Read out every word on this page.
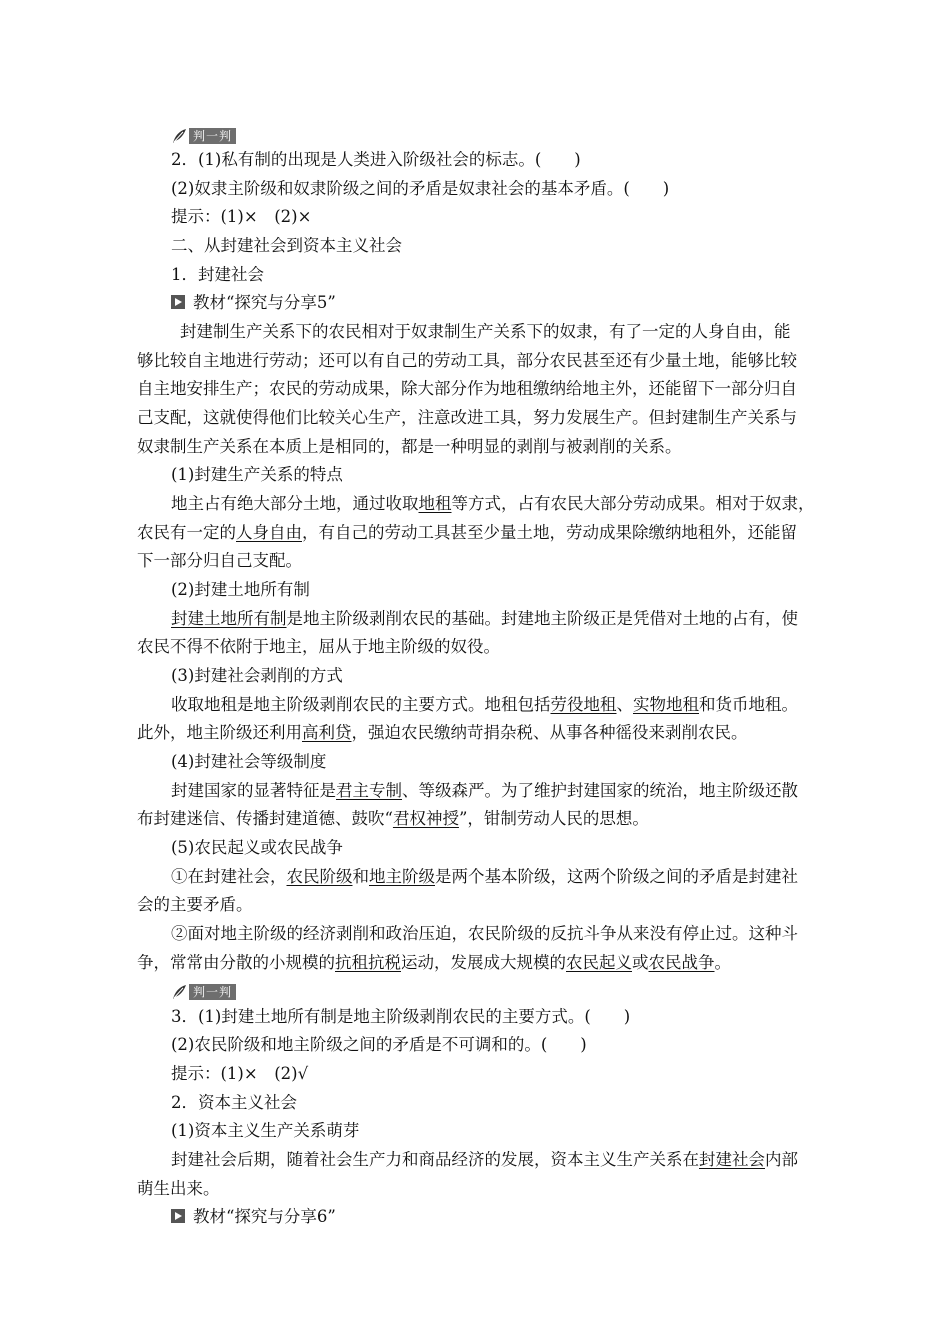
判一判
2．(1)私有制的出现是人类进入阶级社会的标志。(　　)
(2)奴隶主阶级和奴隶阶级之间的矛盾是奴隶社会的基本矛盾。(　　)
提示：(1)×　(2)×
二、从封建社会到资本主义社会
1．封建社会
教材“探究与分享5”
封建制生产关系下的农民相对于奴隶制生产关系下的奴隶，有了一定的人身自由，能
够比较自主地进行劳动；还可以有自己的劳动工具，部分农民甚至还有少量土地，能够比较
自主地安排生产；农民的劳动成果，除大部分作为地租缴纳给地主外，还能留下一部分归自
己支配，这就使得他们比较关心生产，注意改进工具，努力发展生产。但封建制生产关系与
奴隶制生产关系在本质上是相同的，都是一种明显的剥削与被剥削的关系。
(1)封建生产关系的特点
地主占有绝大部分土地，通过收取地租等方式，占有农民大部分劳动成果。相对于奴隶，
农民有一定的人身自由，有自己的劳动工具甚至少量土地，劳动成果除缴纳地租外，还能留
下一部分归自己支配。
(2)封建土地所有制
封建土地所有制是地主阶级剥削农民的基础。封建地主阶级正是凭借对土地的占有，使
农民不得不依附于地主，屈从于地主阶级的奴役。
(3)封建社会剥削的方式
收取地租是地主阶级剥削农民的主要方式。地租包括劳役地租、实物地租和货币地租。
此外，地主阶级还利用高利贷，强迫农民缴纳苛捐杂税、从事各种徭役来剥削农民。
(4)封建社会等级制度
封建国家的显著特征是君主专制、等级森严。为了维护封建国家的统治，地主阶级还散
布封建迷信、传播封建道德、鼓吹“君权神授”，钳制劳动人民的思想。
(5)农民起义或农民战争
①在封建社会，农民阶级和地主阶级是两个基本阶级，这两个阶级之间的矛盾是封建社
会的主要矛盾。
②面对地主阶级的经济剥削和政治压迫，农民阶级的反抗斗争从来没有停止过。这种斗
争，常常由分散的小规模的抗租抗税运动，发展成大规模的农民起义或农民战争。
判一判
3．(1)封建土地所有制是地主阶级剥削农民的主要方式。(　　)
(2)农民阶级和地主阶级之间的矛盾是不可调和的。(　　)
提示：(1)×　(2)√
2．资本主义社会
(1)资本主义生产关系萌芽
封建社会后期，随着社会生产力和商品经济的发展，资本主义生产关系在封建社会内部
萌生出来。
教材“探究与分享6”
